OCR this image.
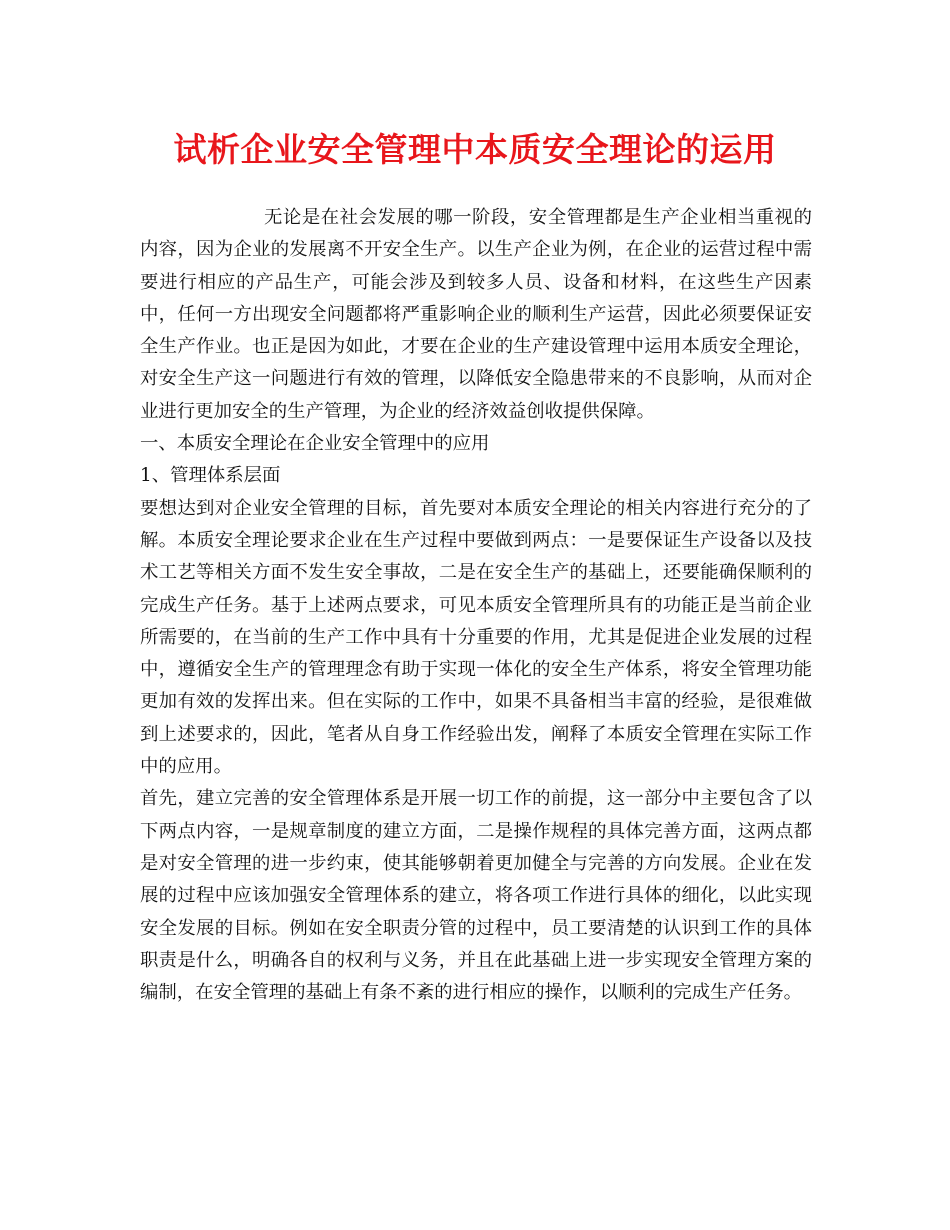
试析企业安全管理中本质安全理论的运用

无论是在社会发展的哪一阶段，安全管理都是生产企业相当重视的内容，因为企业的发展离不开安全生产。以生产企业为例，在企业的运营过程中需要进行相应的产品生产，可能会涉及到较多人员、设备和材料，在这些生产因素中，任何一方出现安全问题都将严重影响企业的顺利生产运营，因此必须要保证安全生产作业。也正是因为如此，才要在企业的生产建设管理中运用本质安全理论，对安全生产这一问题进行有效的管理，以降低安全隐患带来的不良影响，从而对企业进行更加安全的生产管理，为企业的经济效益创收提供保障。

一、本质安全理论在企业安全管理中的应用

1、管理体系层面

要想达到对企业安全管理的目标，首先要对本质安全理论的相关内容进行充分的了解。本质安全理论要求企业在生产过程中要做到两点：一是要保证生产设备以及技术工艺等相关方面不发生安全事故，二是在安全生产的基础上，还要能确保顺利的完成生产任务。基于上述两点要求，可见本质安全管理所具有的功能正是当前企业所需要的，在当前的生产工作中具有十分重要的作用，尤其是促进企业发展的过程中，遵循安全生产的管理理念有助于实现一体化的安全生产体系，将安全管理功能更加有效的发挥出来。但在实际的工作中，如果不具备相当丰富的经验，是很难做到上述要求的，因此，笔者从自身工作经验出发，阐释了本质安全管理在实际工作中的应用。

首先，建立完善的安全管理体系是开展一切工作的前提，这一部分中主要包含了以下两点内容，一是规章制度的建立方面，二是操作规程的具体完善方面，这两点都是对安全管理的进一步约束，使其能够朝着更加健全与完善的方向发展。企业在发展的过程中应该加强安全管理体系的建立，将各项工作进行具体的细化，以此实现安全发展的目标。例如在安全职责分管的过程中，员工要清楚的认识到工作的具体职责是什么，明确各自的权利与义务，并且在此基础上进一步实现安全管理方案的编制，在安全管理的基础上有条不紊的进行相应的操作，以顺利的完成生产任务。
